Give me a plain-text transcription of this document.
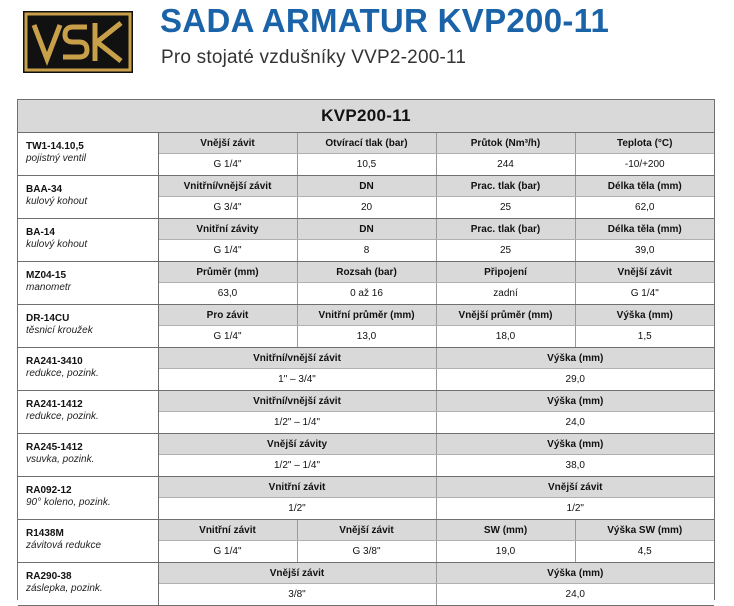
SADA ARMATUR KVP200-11
Pro stojaté vzdušníky VVP2-200-11
KVP200-11
TW1-14.10,5
pojistný ventil	Vnější závit	Otvírací tlak (bar)	Průtok (Nm³/h)	Teplota (°C)
	G 1/4"	10,5	244	-10/+200

BAA-34
kulový kohout	Vnitřní/vnější závit	DN	Prac. tlak (bar)	Délka těla (mm)
	G 3/4"	20	25	62,0

BA-14
kulový kohout	Vnitřní závity	DN	Prac. tlak (bar)	Délka těla (mm)
	G 1/4"	8	25	39,0

MZ04-15
manometr	Průměr (mm)	Rozsah (bar)	Připojení	Vnější závit
	63,0	0 až 16	zadní	G 1/4"

DR-14CU
těsnicí kroužek	Pro závit	Vnitřní průměr (mm)	Vnější průměr (mm)	Výška (mm)
	G 1/4"	13,0	18,0	1,5

RA241-3410
redukce, pozink.	Vnitřní/vnější závit		Výška (mm)	
	1" – 3/4"		29,0	

RA241-1412
redukce, pozink.	Vnitřní/vnější závit		Výška (mm)	
	1/2" – 1/4"		24,0	

RA245-1412
vsuvka, pozink.	Vnější závity		Výška (mm)	
	1/2" – 1/4"		38,0	

RA092-12
90° koleno, pozink.	Vnitřní závit		Vnější závit	
	1/2"		1/2"	

R1438M
závitová redukce	Vnitřní závit	Vnější závit	SW (mm)	Výška SW (mm)
	G 1/4"	G 3/8"	19,0	4,5

RA290-38
záslepka, pozink.	Vnější závit		Výška (mm)	
	3/8"		24,0	
